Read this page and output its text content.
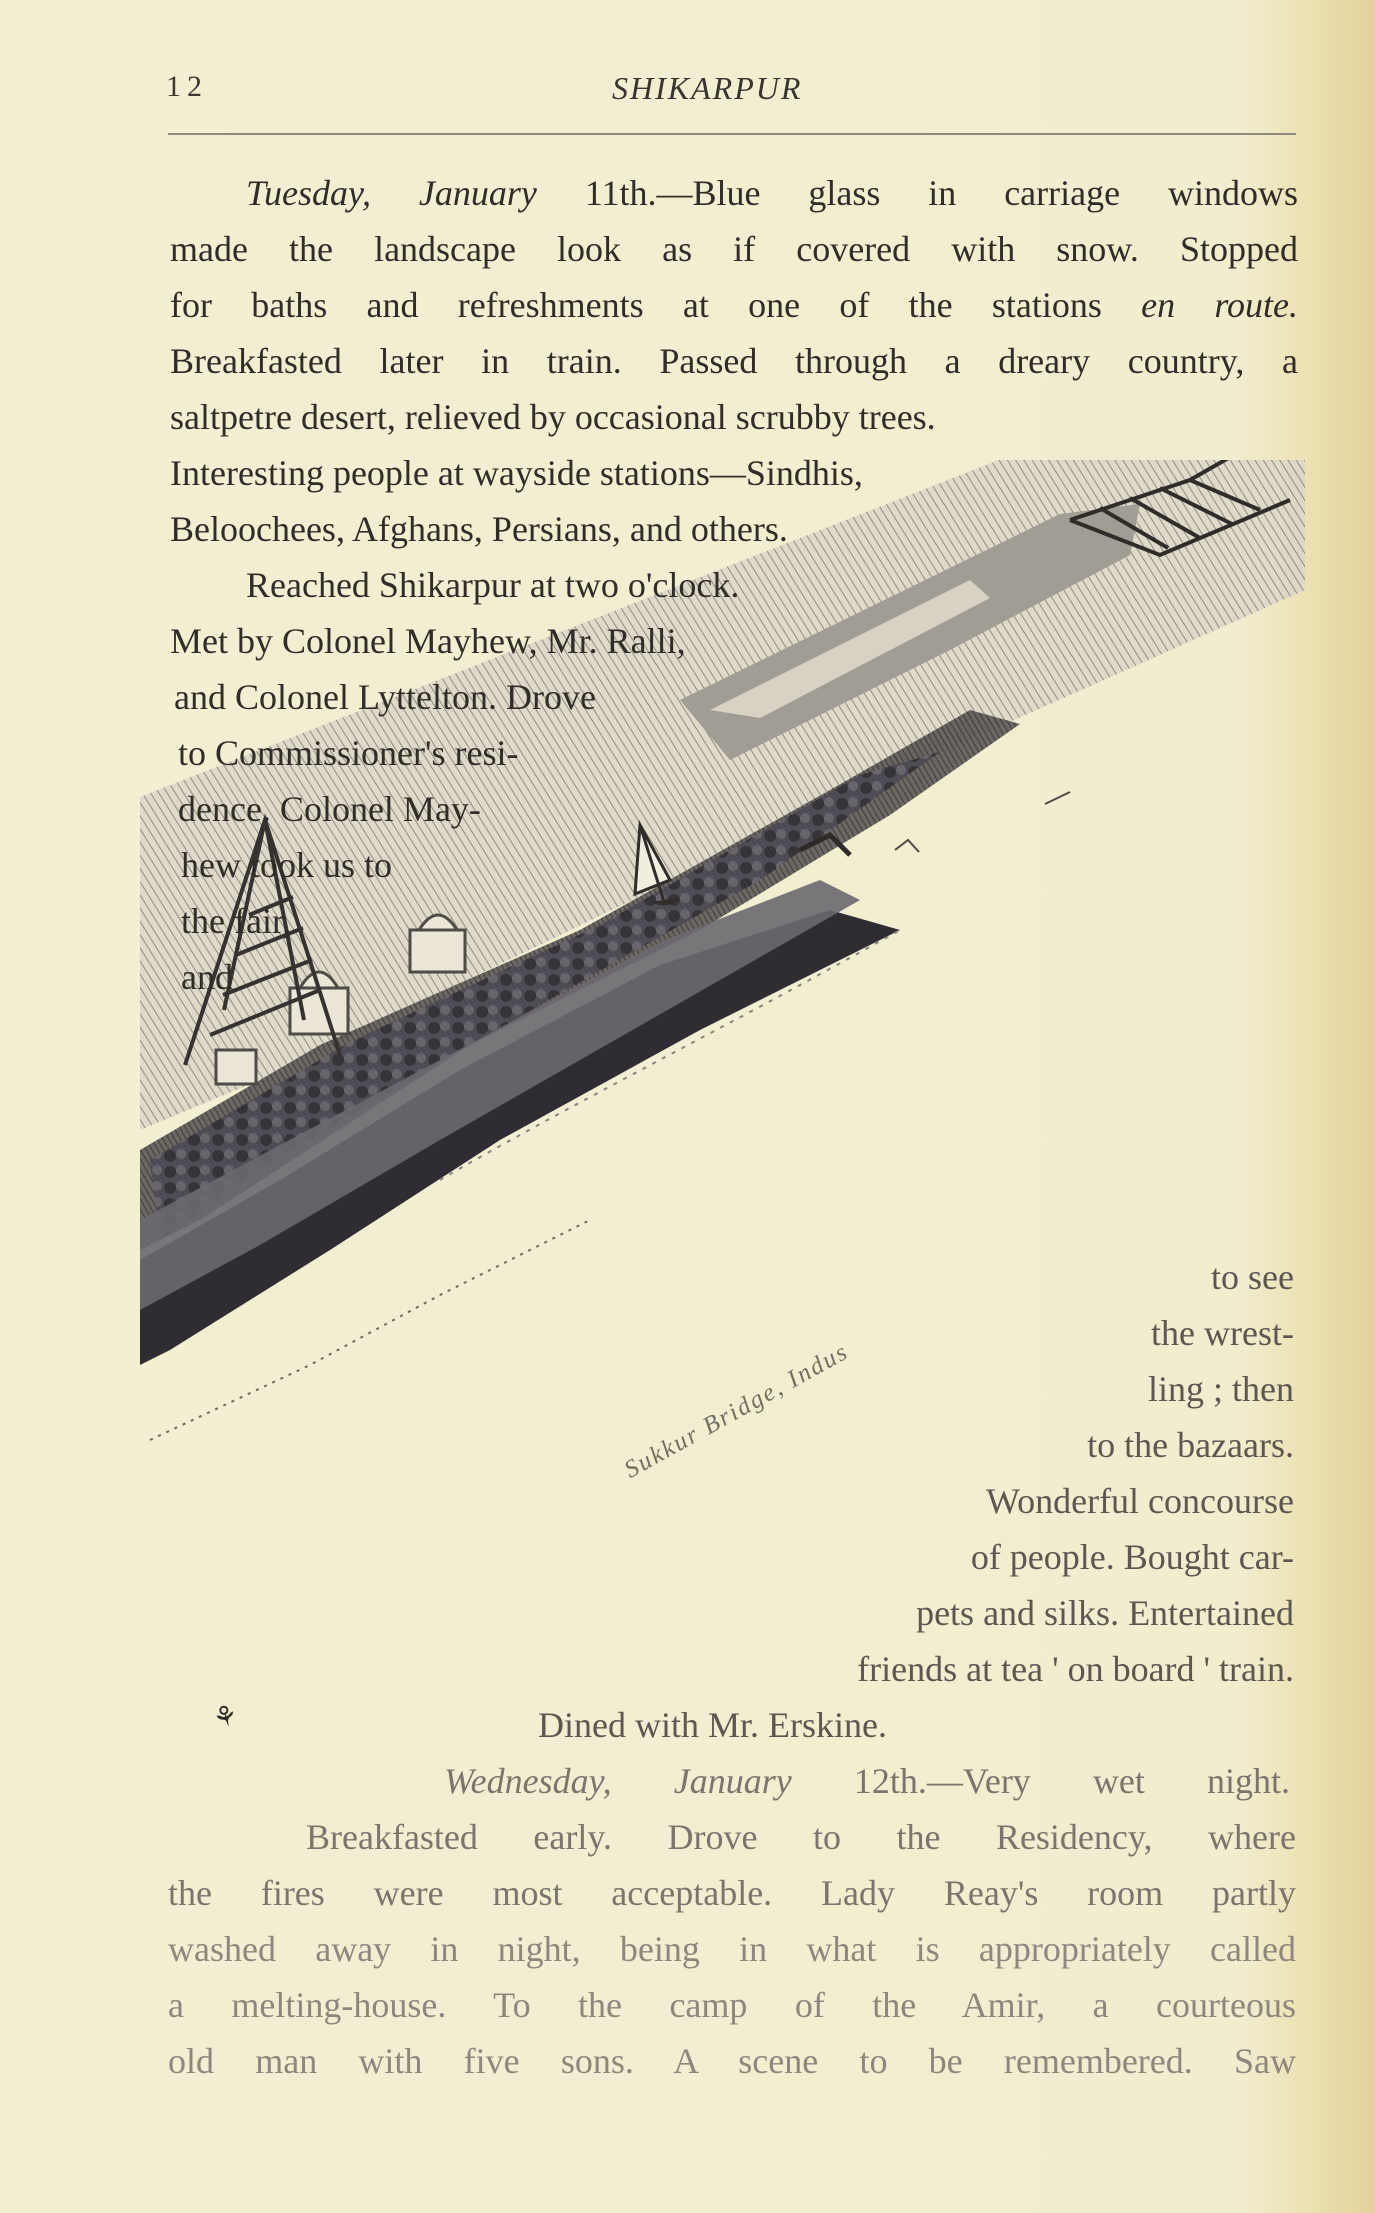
12	SHIKARPUR
Sukkur Bridge, Indus
⚘
Tuesday, January 11th.—Blue glass in carriage windows
made the landscape look as if covered with snow. Stopped
for baths and refreshments at one of the stations en route.
Breakfasted later in train. Passed through a dreary country, a
saltpetre desert, relieved by occasional scrubby trees.
Interesting people at wayside stations—Sindhis,
Beloochees, Afghans, Persians, and others.
Reached Shikarpur at two o'clock.
Met by Colonel Mayhew, Mr. Ralli,
and Colonel Lyttelton. Drove
to Commissioner's resi-
dence. Colonel May-
hew took us to
the fair,
and
to see
the wrest-
ling ; then
to the bazaars.
Wonderful concourse
of people. Bought car-
pets and silks. Entertained
friends at tea ' on board ' train.
Dined with Mr. Erskine.
Wednesday, January 12th.—Very wet night.
Breakfasted early. Drove to the Residency, where
the fires were most acceptable. Lady Reay's room partly
washed away in night, being in what is appropriately called
a melting-house. To the camp of the Amir, a courteous
old man with five sons. A scene to be remembered. Saw
